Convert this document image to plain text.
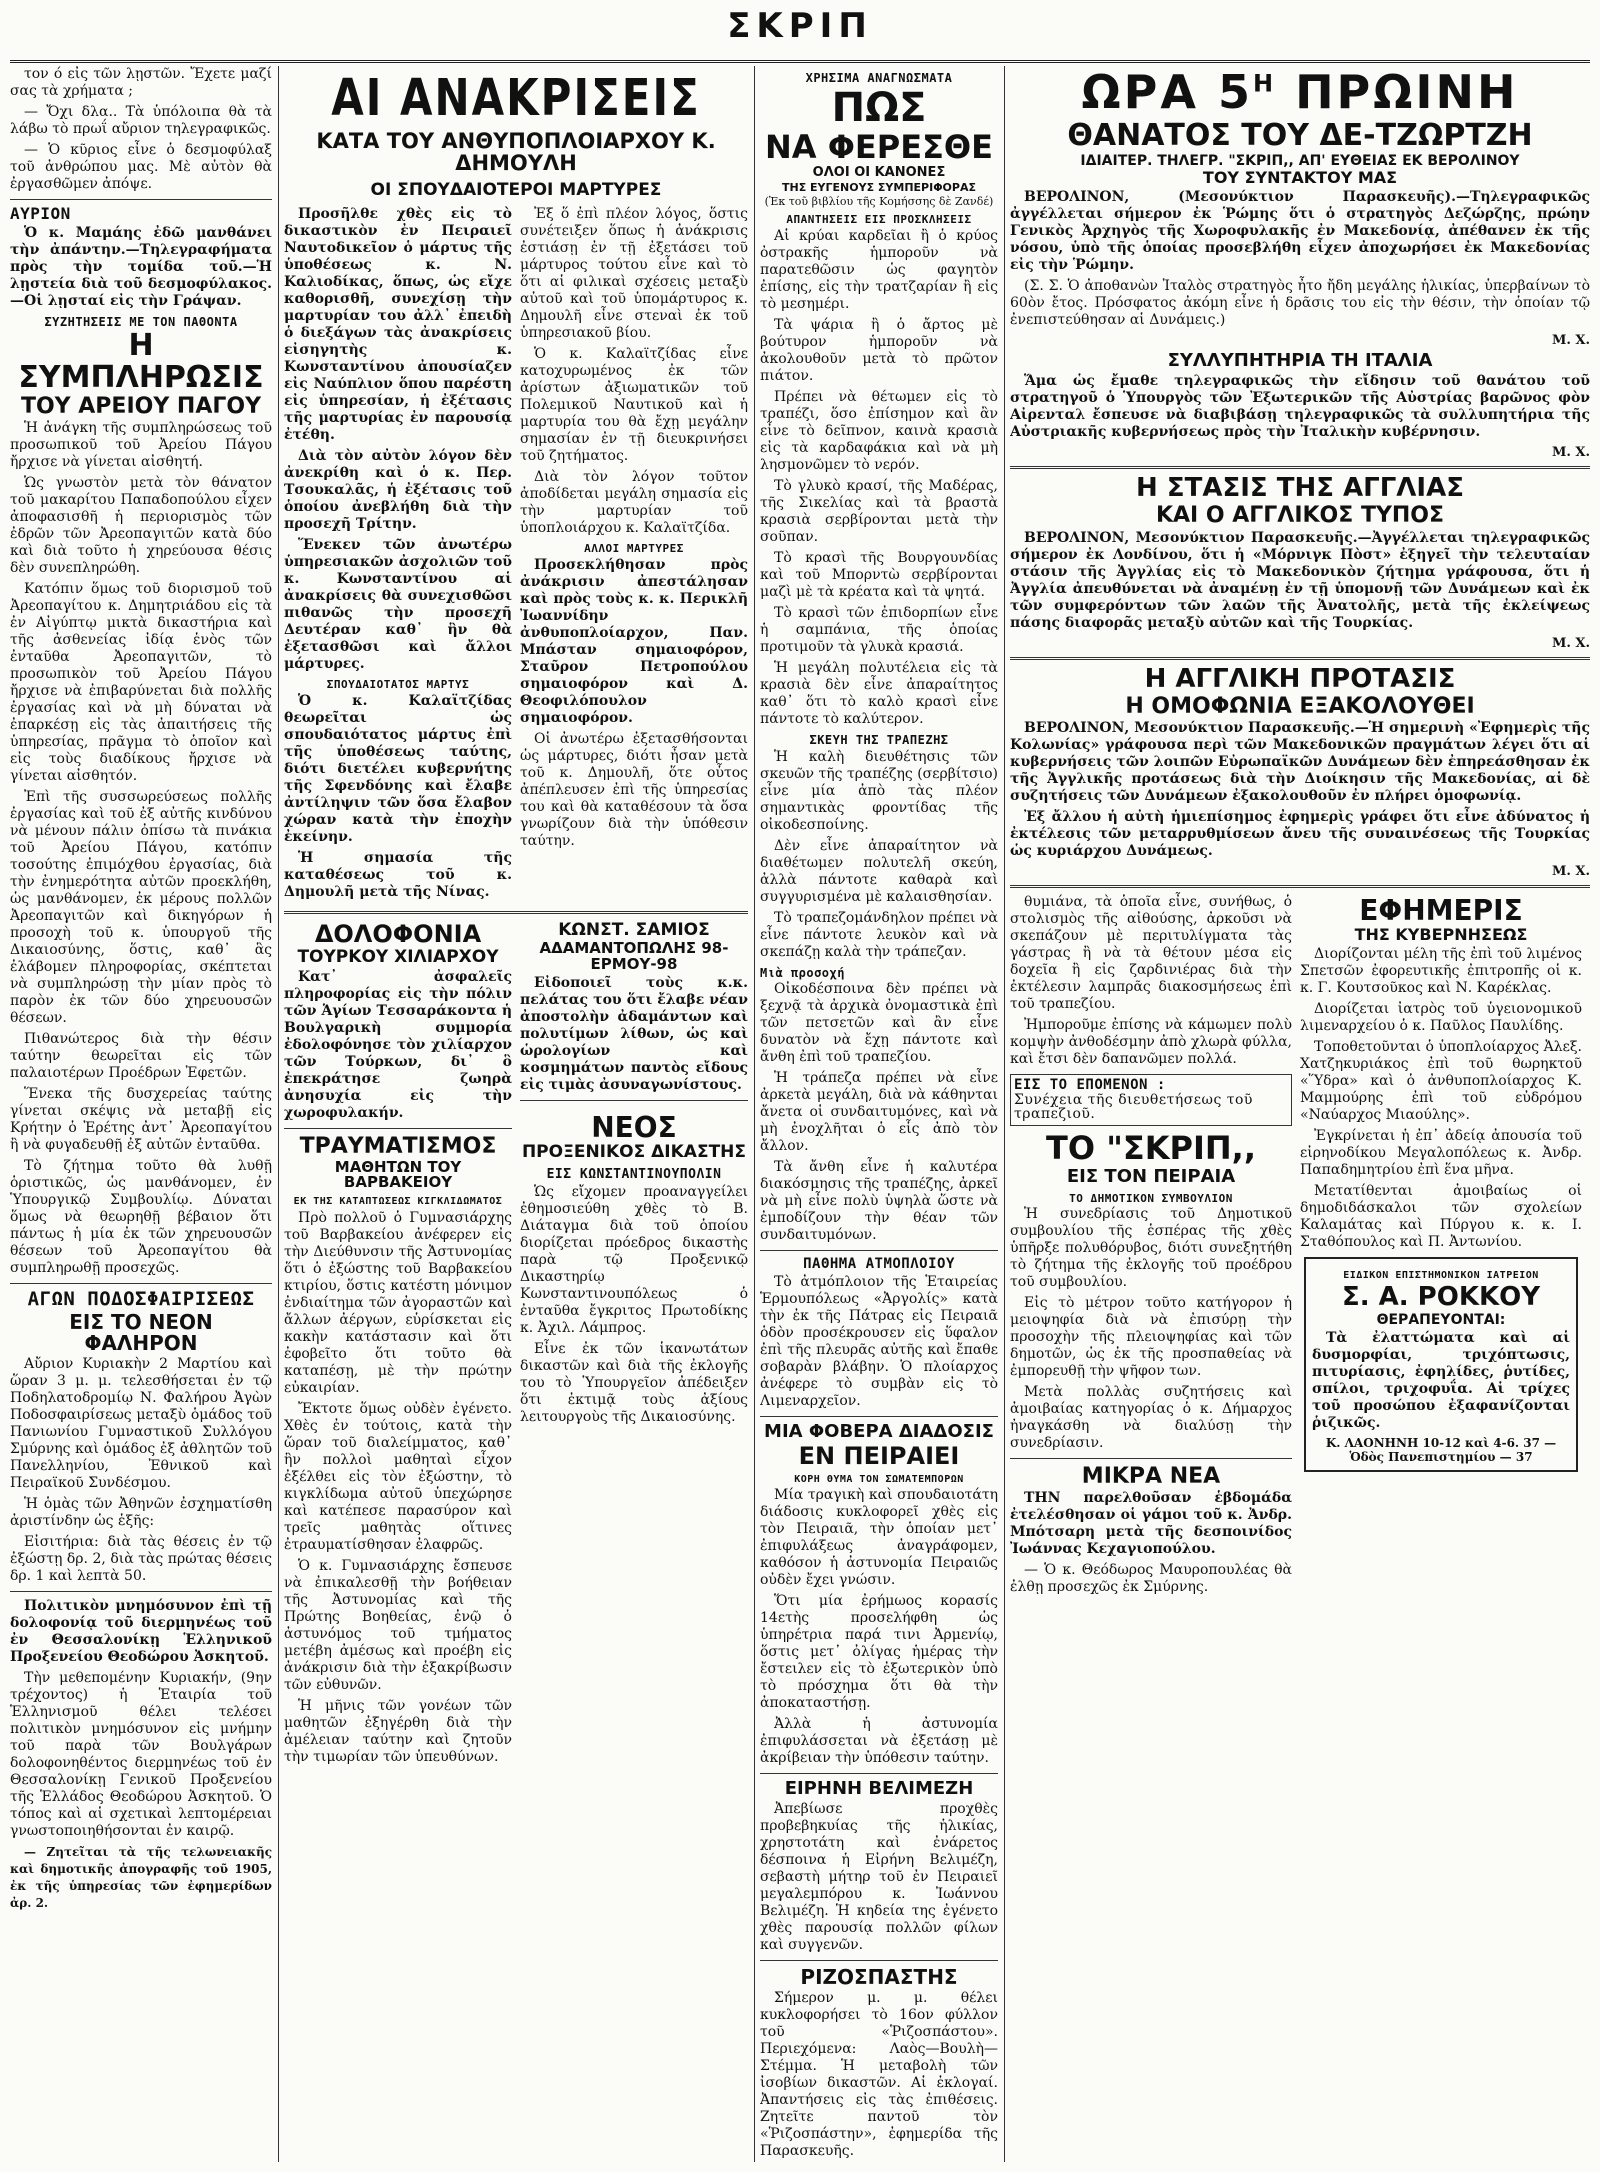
ΣΚΡΙΠ

τον ό εἰς τῶν λῃστῶν. Ἔχετε μαζί σας τὰ χρήματα ;

— Ὄχι δλα.. Τὰ ὑπόλοιπα θὰ τὰ λάβω τὸ πρωΐ αὔριον τηλεγραφικῶς.

— Ὁ κῦριος εἶνε ὁ δεσμοφύλαξ τοῦ ἀνθρώπου μας. Μὲ αὐτὸν θὰ ἐργασθῶμεν ἀπόψε.

ΑΥΡΙΟΝ

Ὁ κ. Μαμάης ἐδῶ μανθάνει τὴν ἀπάντην.—Τηλεγραφήματα πρὸς τὴν τομίδα τοῦ.—Ἡ λῃστεία διὰ τοῦ δεσμοφύλακος.—Οἱ λῃσταί εἰς τὴν Γράψαν.

ΣΥΖΗΤΗΣΕΙΣ ΜΕ ΤΟΝ ΠΑΘΟΝΤΑ
Η ΣΥΜΠΛΗΡΩΣΙΣ
ΤΟΥ ΑΡΕΙΟΥ ΠΑΓΟΥ

Ἡ ἀνάγκη τῆς συμπληρώσεως τοῦ προσωπικοῦ τοῦ Ἀρείου Πάγου ἤρχισε νὰ γίνεται αἰσθητή.

Ὡς γνωστὸν μετὰ τὸν θάνατον τοῦ μακαρίτου Παπαδοπούλου εἶχεν ἀποφασισθῆ ἡ περιορισμὸς τῶν ἐδρῶν τῶν Ἀρεοπαγιτῶν κατὰ δύο καὶ διὰ τοῦτο ἡ χηρεύουσα θέσις δὲν συνεπληρώθη.

Κατόπιν ὅμως τοῦ διορισμοῦ τοῦ Ἀρεοπαγίτου κ. Δημητριάδου εἰς τὰ ἐν Αἰγύπτῳ μικτὰ δικαστήρια καὶ τῆς ἀσθενείας ἰδίᾳ ἑνὸς τῶν ἐνταῦθα Ἀρεοπαγιτῶν, τὸ προσωπικὸν τοῦ Ἀρείου Πάγου ἤρχισε νὰ ἐπιβαρύνεται διὰ πολλῆς ἐργασίας καὶ νὰ μὴ δύναται νὰ ἐπαρκέσῃ εἰς τὰς ἀπαιτήσεις τῆς ὑπηρεσίας, πρᾶγμα τὸ ὁποῖον καὶ εἰς τοὺς διαδίκους ἤρχισε νὰ γίνεται αἰσθητόν.

Ἐπὶ τῆς συσσωρεύσεως πολλῆς ἐργασίας καὶ τοῦ ἐξ αὐτῆς κινδύνου νὰ μένουν πάλιν ὀπίσω τὰ πινάκια τοῦ Ἀρείου Πάγου, κατόπιν τοσούτης ἐπιμόχθου ἐργασίας, διὰ τὴν ἐνημερότητα αὐτῶν προεκλήθη, ὡς μανθάνομεν, ἐκ μέρους πολλῶν Ἀρεοπαγιτῶν καὶ δικηγόρων ἡ προσοχὴ τοῦ κ. ὑπουργοῦ τῆς Δικαιοσύνης, ὅστις, καθ᾽ ἃς ἐλάβομεν πληροφορίας, σκέπτεται νὰ συμπληρώσῃ τὴν μίαν πρὸς τὸ παρὸν ἐκ τῶν δύο χηρευουσῶν θέσεων.

Πιθανώτερος διὰ τὴν θέσιν ταύτην θεωρεῖται εἰς τῶν παλαιοτέρων Προέδρων Ἐφετῶν.

Ἕνεκα τῆς δυσχερείας ταύτης γίνεται σκέψις νὰ μεταβῇ εἰς Κρήτην ὁ Ἐρέτης ἀντ᾽ Ἀρεοπαγίτου ἢ νὰ φυγαδευθῇ ἐξ αὐτῶν ἐνταῦθα.

Τὸ ζήτημα τοῦτο θὰ λυθῇ ὁριστικῶς, ὡς μανθάνομεν, ἐν Ὑπουργικῷ Συμβουλίῳ. Δύναται ὅμως νὰ θεωρηθῇ βέβαιον ὅτι πάντως ἡ μία ἐκ τῶν χηρευουσῶν θέσεων τοῦ Ἀρεοπαγίτου θὰ συμπληρωθῇ προσεχῶς.

ΑΓΩΝ ΠΟΔΟΣΦΑΙΡΙΣΕΩΣ
ΕΙΣ ΤΟ ΝΕΟΝ ΦΑΛΗΡΟΝ

Αὔριον Κυριακὴν 2 Μαρτίου καὶ ὥραν 3 μ. μ. τελεσθήσεται ἐν τῷ Ποδηλατοδρομίῳ Ν. Φαλήρου Ἀγὼν Ποδοσφαιρίσεως μεταξὺ ὁμάδος τοῦ Πανιωνίου Γυμναστικοῦ Συλλόγου Σμύρνης καὶ ὁμάδος ἐξ ἀθλητῶν τοῦ Πανελληνίου, Ἐθνικοῦ καὶ Πειραϊκοῦ Συνδέσμου.

Ἡ ὁμὰς τῶν Ἀθηνῶν ἐσχηματίσθη ἀριστίνδην ὡς ἑξῆς:

Εἰσιτήρια: διὰ τὰς θέσεις ἐν τῷ ἐξώστῃ δρ. 2, διὰ τὰς πρώτας θέσεις δρ. 1 καὶ λεπτὰ 50.

Πολιτικὸν μνημόσυνον ἐπὶ τῇ δολοφονίᾳ τοῦ διερμηνέως τοῦ ἐν Θεσσαλονίκῃ Ἑλληνικοῦ Προξενείου Θεοδώρου Ἀσκητοῦ.

Τὴν μεθεπομένην Κυριακήν, (9ην τρέχοντος) ἡ Ἑταιρία τοῦ Ἑλληνισμοῦ θέλει τελέσει πολιτικὸν μνημόσυνον εἰς μνήμην τοῦ παρὰ τῶν Βουλγάρων δολοφονηθέντος διερμηνέως τοῦ ἐν Θεσσαλονίκῃ Γενικοῦ Προξενείου τῆς Ἑλλάδος Θεοδώρου Ἀσκητοῦ. Ὁ τόπος καὶ αἱ σχετικαὶ λεπτομέρειαι γνωστοποιηθήσονται ἐν καιρῷ.

— Ζητεῖται τὰ τῆς τελωνειακῆς καὶ δημοτικῆς ἀπογραφῆς τοῦ 1905, ἐκ τῆς ὑπηρεσίας τῶν ἐφημερίδων ἀρ. 2.

ΑΙ ΑΝΑΚΡΙΣΕΙΣ
ΚΑΤΑ ΤΟΥ ΑΝΘΥΠΟΠΛΟΙΑΡΧΟΥ Κ. ΔΗΜΟΥΛΗ
ΟΙ ΣΠΟΥΔΑΙΟΤΕΡΟΙ ΜΑΡΤΥΡΕΣ

Προσῆλθε χθὲς εἰς τὸ δικαστικὸν ἐν Πειραιεῖ Ναυτοδικεῖον ὁ μάρτυς τῆς ὑποθέσεως κ. Ν. Καλιοδίκας, ὅπως, ὡς εἴχε καθορισθῆ, συνεχίσῃ τὴν μαρτυρίαν του ἀλλ᾽ ἐπειδὴ ὁ διεξάγων τὰς ἀνακρίσεις εἰσηγητὴς κ. Κωνσταντίνου ἀπουσίαζεν εἰς Ναύπλιον ὅπου παρέστη εἰς ὑπηρεσίαν, ἡ ἐξέτασις τῆς μαρτυρίας ἐν παρουσίᾳ ἐτέθη.

Διὰ τὸν αὐτὸν λόγον δὲν ἀνεκρίθη καὶ ὁ κ. Περ. Τσουκαλᾶς, ἡ ἐξέτασις τοῦ ὁποίου ἀνεβλήθη διὰ τὴν προσεχῆ Τρίτην.

Ἕνεκεν τῶν ἀνωτέρω ὑπηρεσιακῶν ἀσχολιῶν τοῦ κ. Κωνσταντίνου αἱ ἀνακρίσεις θὰ συνεχισθῶσι πιθανῶς τὴν προσεχῆ Δευτέραν καθ᾽ ἣν θὰ ἐξετασθῶσι καὶ ἄλλοι μάρτυρες.

ΣΠΟΥΔΑΙΟΤΑΤΟΣ ΜΑΡΤΥΣ

Ὁ κ. Καλαϊτζίδας θεωρεῖται ὡς σπουδαιότατος μάρτυς ἐπὶ τῆς ὑποθέσεως ταύτης, διότι διετέλει κυβερνήτης τῆς Σφενδόνης καὶ ἔλαβε ἀντίληψιν τῶν ὅσα ἔλαβον χώραν κατὰ τὴν ἐποχὴν ἐκείνην.

Ἡ σημασία τῆς καταθέσεως τοῦ κ. Δημουλῆ μετὰ τῆς Νίνας.

Ἐξ ὅ ἐπὶ πλέον λόγος, ὅστις συνέτειξεν ὅπως ἡ ἀνάκρισις ἐστιάσῃ ἐν τῇ ἐξετάσει τοῦ μάρτυρος τούτου εἶνε καὶ τὸ ὅτι αἱ φιλικαὶ σχέσεις μεταξὺ αὐτοῦ καὶ τοῦ ὑπομάρτυρος κ. Δημουλῆ εἶνε στεναὶ ἐκ τοῦ ὑπηρεσιακοῦ βίου.

Ὁ κ. Καλαϊτζίδας εἶνε κατοχυρωμένος ἐκ τῶν ἀρίστων ἀξιωματικῶν τοῦ Πολεμικοῦ Ναυτικοῦ καὶ ἡ μαρτυρία του θὰ ἔχῃ μεγάλην σημασίαν ἐν τῇ διευκρινήσει τοῦ ζητήματος.

Διὰ τὸν λόγον τοῦτον ἀποδίδεται μεγάλη σημασία εἰς τὴν μαρτυρίαν τοῦ ὑποπλοιάρχου κ. Καλαϊτζίδα.

ΑΛΛΟΙ ΜΑΡΤΥΡΕΣ

Προσεκλήθησαν πρὸς ἀνάκρισιν ἀπεστάλησαν καὶ πρὸς τοὺς κ. κ. Περικλῆ Ἰωαννίδην ἀνθυποπλοίαρχον, Παν. Μπάσταν σημαιοφόρον, Σταῦρον Πετροπούλου σημαιοφόρον καὶ Δ. Θεοφιλόπουλον σημαιοφόρον.

Οἱ ἀνωτέρω ἐξετασθήσονται ὡς μάρτυρες, διότι ἦσαν μετὰ τοῦ κ. Δημουλῆ, ὅτε οὗτος ἀπέπλευσεν ἐπὶ τῆς ὑπηρεσίας του καὶ θὰ καταθέσουν τὰ ὅσα γνωρίζουν διὰ τὴν ὑπόθεσιν ταύτην.

ΔΟΛΟΦΟΝΙΑ
ΤΟΥΡΚΟΥ ΧΙΛΙΑΡΧΟΥ

Κατ᾽ ἀσφαλεῖς πληροφορίας εἰς τὴν πόλιν τῶν Ἁγίων Τεσσαράκοντα ἡ Βουλγαρικὴ συμμορία ἐδολοφόνησε τὸν χιλίαρχον τῶν Τούρκων, δι᾽ ὃ ἐπεκράτησε ζωηρὰ ἀνησυχία εἰς τὴν χωροφυλακήν.

ΤΡΑΥΜΑΤΙΣΜΟΣ
ΜΑΘΗΤΩΝ ΤΟΥ ΒΑΡΒΑΚΕΙΟΥ
ΕΚ ΤΗΣ ΚΑΤΑΠΤΩΣΕΩΣ ΚΙΓΚΛΙΔΩΜΑΤΟΣ

Πρὸ πολλοῦ ὁ Γυμνασιάρχης τοῦ Βαρβακείου ἀνέφερεν εἰς τὴν Διεύθυνσιν τῆς Ἀστυνομίας ὅτι ὁ ἐξώστης τοῦ Βαρβακείου κτιρίου, ὅστις κατέστη μόνιμον ἐνδιαίτημα τῶν ἀγοραστῶν καὶ ἄλλων ἀέργων, εὑρίσκεται εἰς κακὴν κατάστασιν καὶ ὅτι ἐφοβεῖτο ὅτι τοῦτο θὰ καταπέσῃ, μὲ τὴν πρώτην εὐκαιρίαν.

Ἔκτοτε ὅμως οὐδὲν ἐγένετο. Χθὲς ἐν τούτοις, κατὰ τὴν ὥραν τοῦ διαλείμματος, καθ᾽ ἣν πολλοὶ μαθηταὶ εἶχον ἐξέλθει εἰς τὸν ἐξώστην, τὸ κιγκλίδωμα αὐτοῦ ὑπεχώρησε καὶ κατέπεσε παρασύρον καὶ τρεῖς μαθητὰς οἵτινες ἐτραυματίσθησαν ἐλαφρῶς.

Ὁ κ. Γυμνασιάρχης ἔσπευσε νὰ ἐπικαλεσθῇ τὴν βοήθειαν τῆς Ἀστυνομίας καὶ τῆς Πρώτης Βοηθείας, ἐνῷ ὁ ἀστυνόμος τοῦ τμήματος μετέβη ἀμέσως καὶ προέβη εἰς ἀνάκρισιν διὰ τὴν ἐξακρίβωσιν τῶν εὐθυνῶν.

Ἡ μῆνις τῶν γονέων τῶν μαθητῶν ἐξηγέρθη διὰ τὴν ἀμέλειαν ταύτην καὶ ζητοῦν τὴν τιμωρίαν τῶν ὑπευθύνων.

ΚΩΝΣΤ. ΣΑΜΙΟΣ
ΑΔΑΜΑΝΤΟΠΩΛΗΣ 98-ΕΡΜΟΥ-98

Εἰδοποιεῖ τοὺς κ.κ. πελάτας του ὅτι ἔλαβε νέαν ἀποστολὴν ἀδαμάντων καὶ πολυτίμων λίθων, ὡς καὶ ὡρολογίων καὶ κοσμημάτων παντὸς εἴδους εἰς τιμὰς ἀσυναγωνίστους.

ΝΕΟΣ
ΠΡΟΞΕΝΙΚΟΣ ΔΙΚΑΣΤΗΣ
ΕΙΣ ΚΩΝΣΤΑΝΤΙΝΟΥΠΟΛΙΝ

Ὡς εἴχομεν προαναγγείλει ἐθημοσιεύθη χθὲς τὸ Β. Διάταγμα διὰ τοῦ ὁποίου διορίζεται πρόεδρος δικαστὴς παρὰ τῷ Προξενικῷ Δικαστηρίῳ Κωνσταντινουπόλεως ὁ ἐνταῦθα ἔγκριτος Πρωτοδίκης κ. Ἀχιλ. Λάμπρος.

Εἶνε ἐκ τῶν ἱκανωτάτων δικαστῶν καὶ διὰ τῆς ἐκλογῆς του τὸ Ὑπουργεῖον ἀπέδειξεν ὅτι ἐκτιμᾷ τοὺς ἀξίους λειτουργοὺς τῆς Δικαιοσύνης.

ΧΡΗΣΙΜΑ ΑΝΑΓΝΩΣΜΑΤΑ
ΠΩΣ
ΝΑ ΦΕΡΕΣΘΕ
ΟΛΟΙ ΟΙ ΚΑΝΟΝΕΣ
ΤΗΣ ΕΥΓΕΝΟΥΣ ΣΥΜΠΕΡΙΦΟΡΑΣ
(Ἐκ τοῦ βιβλίου τῆς Κομήσσης δὲ Ζανδέ)
ΑΠΑΝΤΗΣΕΙΣ ΕΙΣ ΠΡΟΣΚΛΗΣΕΙΣ

Αἱ κρύαι καρδεῖαι ἢ ὁ κρύος ὀστρακῆς ἡμποροῦν νὰ παρατεθῶσιν ὡς φαγητὸν ἐπίσης, εἰς τὴν τρατζαρίαν ἢ εἰς τὸ μεσημέρι.

Τὰ ψάρια ἢ ὁ ἄρτος μὲ βούτυρον ἡμποροῦν νὰ ἀκολουθοῦν μετὰ τὸ πρῶτον πιάτον.

Πρέπει νὰ θέτωμεν εἰς τὸ τραπέζι, ὅσο ἐπίσημον καὶ ἂν εἶνε τὸ δεῖπνον, καινὰ κρασιὰ εἰς τὰ καρδαφάκια καὶ νὰ μὴ λησμονῶμεν τὸ νερόν.

Τὸ γλυκὸ κρασί, τῆς Μαδέρας, τῆς Σικελίας καὶ τὰ βραστὰ κρασιὰ σερβίρονται μετὰ τὴν σοῦπαν.

Τὸ κρασὶ τῆς Βουργουνδίας καὶ τοῦ Μπορντὼ σερβίρονται μαζὶ μὲ τὰ κρέατα καὶ τὰ ψητά.

Τὸ κρασὶ τῶν ἐπιδορπίων εἶνε ἡ σαμπάνια, τῆς ὁποίας προτιμοῦν τὰ γλυκὰ κρασιά.

Ἡ μεγάλη πολυτέλεια εἰς τὰ κρασιὰ δὲν εἶνε ἀπαραίτητος καθ᾽ ὅτι τὸ καλὸ κρασὶ εἶνε πάντοτε τὸ καλύτερον.

ΣΚΕΥΗ ΤΗΣ ΤΡΑΠΕΖΗΣ

Ἡ καλὴ διευθέτησις τῶν σκευῶν τῆς τραπέζης (σερβίτσιο) εἶνε μία ἀπὸ τὰς πλέον σημαντικὰς φροντίδας τῆς οἰκοδεσποίνης.

Δὲν εἶνε ἀπαραίτητον νὰ διαθέτωμεν πολυτελῆ σκεύη, ἀλλὰ πάντοτε καθαρὰ καὶ συγγυρισμένα μὲ καλαισθησίαν.

Τὸ τραπεζομάνδηλον πρέπει νὰ εἶνε πάντοτε λευκὸν καὶ νὰ σκεπάζῃ καλὰ τὴν τράπεζαν.

Μιὰ προσοχή

Οἰκοδέσποινα δὲν πρέπει νὰ ξεχνᾷ τὰ ἀρχικὰ ὀνομαστικὰ ἐπὶ τῶν πετσετῶν καὶ ἂν εἶνε δυνατὸν νὰ ἔχῃ πάντοτε καὶ ἄνθη ἐπὶ τοῦ τραπεζίου.

Ἡ τράπεζα πρέπει νὰ εἶνε ἀρκετὰ μεγάλη, διὰ νὰ κάθηνται ἄνετα οἱ συνδαιτυμόνες, καὶ νὰ μὴ ἐνοχλῆται ὁ εἷς ἀπὸ τὸν ἄλλον.

Τὰ ἄνθη εἶνε ἡ καλυτέρα διακόσμησις τῆς τραπέζης, ἀρκεῖ νὰ μὴ εἶνε πολὺ ὑψηλὰ ὥστε νὰ ἐμποδίζουν τὴν θέαν τῶν συνδαιτυμόνων.

ΠΑΘΗΜΑ ΑΤΜΟΠΛΟΙΟΥ

Τὸ ἀτμόπλοιον τῆς Ἑταιρείας Ἑρμουπόλεως «Ἀργολίς» κατὰ τὴν ἐκ τῆς Πάτρας εἰς Πειραιᾶ ὁδὸν προσέκρουσεν εἰς ὕφαλον ἐπὶ τῆς πλευρᾶς αὐτῆς καὶ ἔπαθε σοβαρὰν βλάβην. Ὁ πλοίαρχος ἀνέφερε τὸ συμβὰν εἰς τὸ Λιμεναρχεῖον.

ΜΙΑ ΦΟΒΕΡΑ ΔΙΑΔΟΣΙΣ
ΕΝ ΠΕΙΡΑΙΕΙ
ΚΟΡΗ ΘΥΜΑ ΤΟΝ ΣΩΜΑΤΕΜΠΟΡΩΝ

Μία τραγικὴ καὶ σπουδαιοτάτη διάδοσις κυκλοφορεῖ χθὲς εἰς τὸν Πειραιᾶ, τὴν ὁποίαν μετ᾽ ἐπιφυλάξεως ἀναγράφομεν, καθόσον ἡ ἀστυνομία Πειραιῶς οὐδὲν ἔχει γνώσιν.

Ὅτι μία ἐρήμωος κορασίς 14ετὴς προσελήφθη ὡς ὑπηρέτρια παρά τινι Ἀρμενίῳ, ὅστις μετ᾽ ὀλίγας ἡμέρας τὴν ἔστειλεν εἰς τὸ ἐξωτερικὸν ὑπὸ τὸ πρόσχημα ὅτι θὰ τὴν ἀποκαταστήσῃ.

Ἀλλὰ ἡ ἀστυνομία ἐπιφυλάσσεται νὰ ἐξετάσῃ μὲ ἀκρίβειαν τὴν ὑπόθεσιν ταύτην.

ΕΙΡΗΝΗ ΒΕΛΙΜΕΖΗ

Ἀπεβίωσε προχθὲς προβεβηκυίας τῆς ἡλικίας, χρηστοτάτη καὶ ἐνάρετος δέσποινα ἡ Εἰρήνη Βελιμέζη, σεβαστὴ μήτηρ τοῦ ἐν Πειραιεῖ μεγαλεμπόρου κ. Ἰωάννου Βελιμέζη. Ἡ κηδεία της ἐγένετο χθὲς παρουσίᾳ πολλῶν φίλων καὶ συγγενῶν.

ΡΙΖΟΣΠΑΣΤΗΣ

Σήμερον μ. μ. θέλει κυκλοφορήσει τὸ 16ον φύλλον τοῦ «Ῥιζοσπάστου». Περιεχόμενα: Λαὸς—Βουλὴ—Στέμμα. Ἡ μεταβολὴ τῶν ἰσοβίων δικαστῶν. Αἱ ἐκλογαί. Ἀπαντήσεις εἰς τὰς ἐπιθέσεις. Ζητεῖτε παντοῦ τὸν «Ῥιζοσπάστην», ἐφημερίδα τῆς Παρασκευῆς.

ΩΡΑ $5^H$ ΠΡΩΙΝΗ
ΘΑΝΑΤΟΣ ΤΟΥ ΔΕ-ΤΖΩΡΤΖΗ
ΙΔΙΑΙΤΕΡ. ΤΗΛΕΓΡ. "ΣΚΡΙΠ,, ΑΠ' ΕΥΘΕΙΑΣ ΕΚ ΒΕΡΟΛΙΝΟΥ
ΤΟΥ ΣΥΝΤΑΚΤΟΥ ΜΑΣ

ΒΕΡΟΛΙΝΟΝ, (Μεσονύκτιον Παρασκευῆς).—Τηλεγραφικῶς ἀγγέλλεται σήμερον ἐκ Ῥώμης ὅτι ὁ στρατηγὸς Δεζώρζης, πρώην Γενικὸς Ἀρχηγὸς τῆς Χωροφυλακῆς ἐν Μακεδονίᾳ, ἀπέθανεν ἐκ τῆς νόσου, ὑπὸ τῆς ὁποίας προσεβλήθη εἶχεν ἀποχωρήσει ἐκ Μακεδονίας εἰς τὴν Ῥώμην.

(Σ. Σ. Ὁ ἀποθανὼν Ἰταλὸς στρατηγὸς ἦτο ἤδη μεγάλης ἡλικίας, ὑπερβαίνων τὸ 60ὸν ἔτος. Πρόσφατος ἀκόμη εἶνε ἡ δρᾶσις του εἰς τὴν θέσιν, τὴν ὁποίαν τῷ ἐνεπιστεύθησαν αἱ Δυνάμεις.)

Μ. Χ.
ΣΥΛΛΥΠΗΤΗΡΙΑ ΤΗ ΙΤΑΛΙΑ

Ἅμα ὡς ἔμαθε τηλεγραφικῶς τὴν εἴδησιν τοῦ θανάτου τοῦ στρατηγοῦ ὁ Ὑπουργὸς τῶν Ἐξωτερικῶν τῆς Αὐστρίας βαρῶνος φὸν Αἰρενταλ ἔσπευσε νὰ διαβιβάσῃ τηλεγραφικῶς τὰ συλλυπητήρια τῆς Αὐστριακῆς κυβερνήσεως πρὸς τὴν Ἰταλικὴν κυβέρνησιν.

Μ. Χ.
Η ΣΤΑΣΙΣ ΤΗΣ ΑΓΓΛΙΑΣ
ΚΑΙ Ο ΑΓΓΛΙΚΟΣ ΤΥΠΟΣ

ΒΕΡΟΛΙΝΟΝ, Μεσονύκτιον Παρασκευῆς.—Ἀγγέλλεται τηλεγραφικῶς σήμερον ἐκ Λονδίνου, ὅτι ἡ «Μόρνιγκ Πὸστ» ἐξηγεῖ τὴν τελευταίαν στάσιν τῆς Ἀγγλίας εἰς τὸ Μακεδονικὸν ζήτημα γράφουσα, ὅτι ἡ Ἀγγλία ἀπευθύνεται νὰ ἀναμένῃ ἐν τῇ ὑπομονῇ τῶν Δυνάμεων καὶ ἐκ τῶν συμφερόντων τῶν λαῶν τῆς Ἀνατολῆς, μετὰ τῆς ἐκλείψεως πάσης διαφορᾶς μεταξὺ αὐτῶν καὶ τῆς Τουρκίας.

Μ. Χ.
Η ΑΓΓΛΙΚΗ ΠΡΟΤΑΣΙΣ
Η ΟΜΟΦΩΝΙΑ ΕΞΑΚΟΛΟΥΘΕΙ

ΒΕΡΟΛΙΝΟΝ, Μεσονύκτιον Παρασκευῆς.—Ἡ σημερινὴ «Ἐφημερὶς τῆς Κολωνίας» γράφουσα περὶ τῶν Μακεδονικῶν πραγμάτων λέγει ὅτι αἱ κυβερνήσεις τῶν λοιπῶν Εὐρωπαϊκῶν Δυνάμεων δὲν ἐπηρεάσθησαν ἐκ τῆς Ἀγγλικῆς προτάσεως διὰ τὴν Διοίκησιν τῆς Μακεδονίας, αἱ δὲ συζητήσεις τῶν Δυνάμεων ἐξακολουθοῦν ἐν πλήρει ὁμοφωνίᾳ.

Ἐξ ἄλλου ἡ αὐτὴ ἡμιεπίσημος ἐφημερὶς γράφει ὅτι εἶνε ἀδύνατος ἡ ἐκτέλεσις τῶν μεταρρυθμίσεων ἄνευ τῆς συναινέσεως τῆς Τουρκίας ὡς κυριάρχου Δυνάμεως.

Μ. Χ.

θυμιάνα, τὰ ὁποῖα εἶνε, συνήθως, ὁ στολισμὸς τῆς αἰθούσης, ἀρκοῦσι νὰ σκεπάζουν μὲ περιτυλίγματα τὰς γάστρας ἢ νὰ τὰ θέτουν μέσα εἰς δοχεῖα ἢ εἰς ζαρδινιέρας διὰ τὴν ἐκτέλεσιν λαμπρᾶς διακοσμήσεως ἐπὶ τοῦ τραπεζίου.

Ἠμποροῦμε ἐπίσης νὰ κάμωμεν πολὺ κομψὴν ἀνθοδέσμην ἀπὸ χλωρὰ φύλλα, καὶ ἔτσι δὲν δαπανῶμεν πολλά.

ΕΙΣ ΤΟ ΕΠΟΜΕΝΟΝ :
Συνέχεια τῆς διευθετήσεως τοῦ τραπεζιοῦ.
ΤΟ "ΣΚΡΙΠ,,
ΕΙΣ ΤΟΝ ΠΕΙΡΑΙΑ
ΤΟ ΔΗΜΟΤΙΚΟΝ ΣΥΜΒΟΥΛΙΟΝ

Ἡ συνεδρίασις τοῦ Δημοτικοῦ συμβουλίου τῆς ἑσπέρας τῆς χθὲς ὑπῆρξε πολυθόρυβος, διότι συνεξητήθη τὸ ζήτημα τῆς ἐκλογῆς τοῦ προέδρου τοῦ συμβουλίου.

Εἰς τὸ μέτρον τοῦτο κατήγορον ἡ μειοψηφία διὰ νὰ ἐπισύρῃ τὴν προσοχὴν τῆς πλειοψηφίας καὶ τῶν δημοτῶν, ὡς ἐκ τῆς προσπαθείας νὰ ἐμπορευθῇ τὴν ψῆφον των.

Μετὰ πολλὰς συζητήσεις καὶ ἀμοιβαίας κατηγορίας ὁ κ. Δήμαρχος ἠναγκάσθη νὰ διαλύσῃ τὴν συνεδρίασιν.

ΜΙΚΡΑ ΝΕΑ

ΤΗΝ παρελθοῦσαν ἑβδομάδα ἐτελέσθησαν οἱ γάμοι τοῦ κ. Ἀνδρ. Μπότσαρη μετὰ τῆς δεσποινίδος Ἰωάννας Κεχαγιοπούλου.

— Ὁ κ. Θεόδωρος Μαυροπουλέας θὰ ἐλθῃ προσεχῶς ἐκ Σμύρνης.

ΕΦΗΜΕΡΙΣ
ΤΗΣ ΚΥΒΕΡΝΗΣΕΩΣ

Διορίζονται μέλη τῆς ἐπὶ τοῦ λιμένος Σπετσῶν ἐφορευτικῆς ἐπιτροπῆς οἱ κ. κ. Γ. Κουτσοῦκος καὶ Ν. Καρέκλας.

Διορίζεται ἰατρὸς τοῦ ὑγειονομικοῦ λιμεναρχείου ὁ κ. Παῦλος Παυλίδης.

Τοποθετοῦνται ὁ ὑποπλοίαρχος Ἀλεξ. Χατζηκυριάκος ἐπὶ τοῦ θωρηκτοῦ «Ὕδρα» καὶ ὁ ἀνθυποπλοίαρχος Κ. Μαμμούρης ἐπὶ τοῦ εὐδρόμου «Ναύαρχος Μιαούλης».

Ἐγκρίνεται ἡ ἐπ᾽ ἀδείᾳ ἀπουσία τοῦ εἰρηνοδίκου Μεγαλοπόλεως κ. Ἀνδρ. Παπαδημητρίου ἐπὶ ἕνα μῆνα.

Μετατίθενται ἀμοιβαίως οἱ δημοδιδάσκαλοι τῶν σχολείων Καλαμάτας καὶ Πύργου κ. κ. Ι. Σταθόπουλος καὶ Π. Ἀντωνίου.

ΕΙΔΙΚΟΝ ΕΠΙΣΤΗΜΟΝΙΚΟΝ ΙΑΤΡΕΙΟΝ
Σ. Α. ΡΟΚΚΟΥ
ΘΕΡΑΠΕΥΟΝΤΑΙ:

Τὰ ἐλαττώματα καὶ αἱ δυσμορφίαι, τριχόπτωσις, πιτυρίασις, ἐφηλίδες, ῥυτίδες, σπίλοι, τριχοφυΐα. Αἱ τρίχες τοῦ προσώπου ἐξαφανίζονται ῥιζικῶς.

Κ. ΛΑΟΝΗΝΗ 10-12 καὶ 4-6. 37 — Ὁδὸς Πανεπιστημίου — 37
